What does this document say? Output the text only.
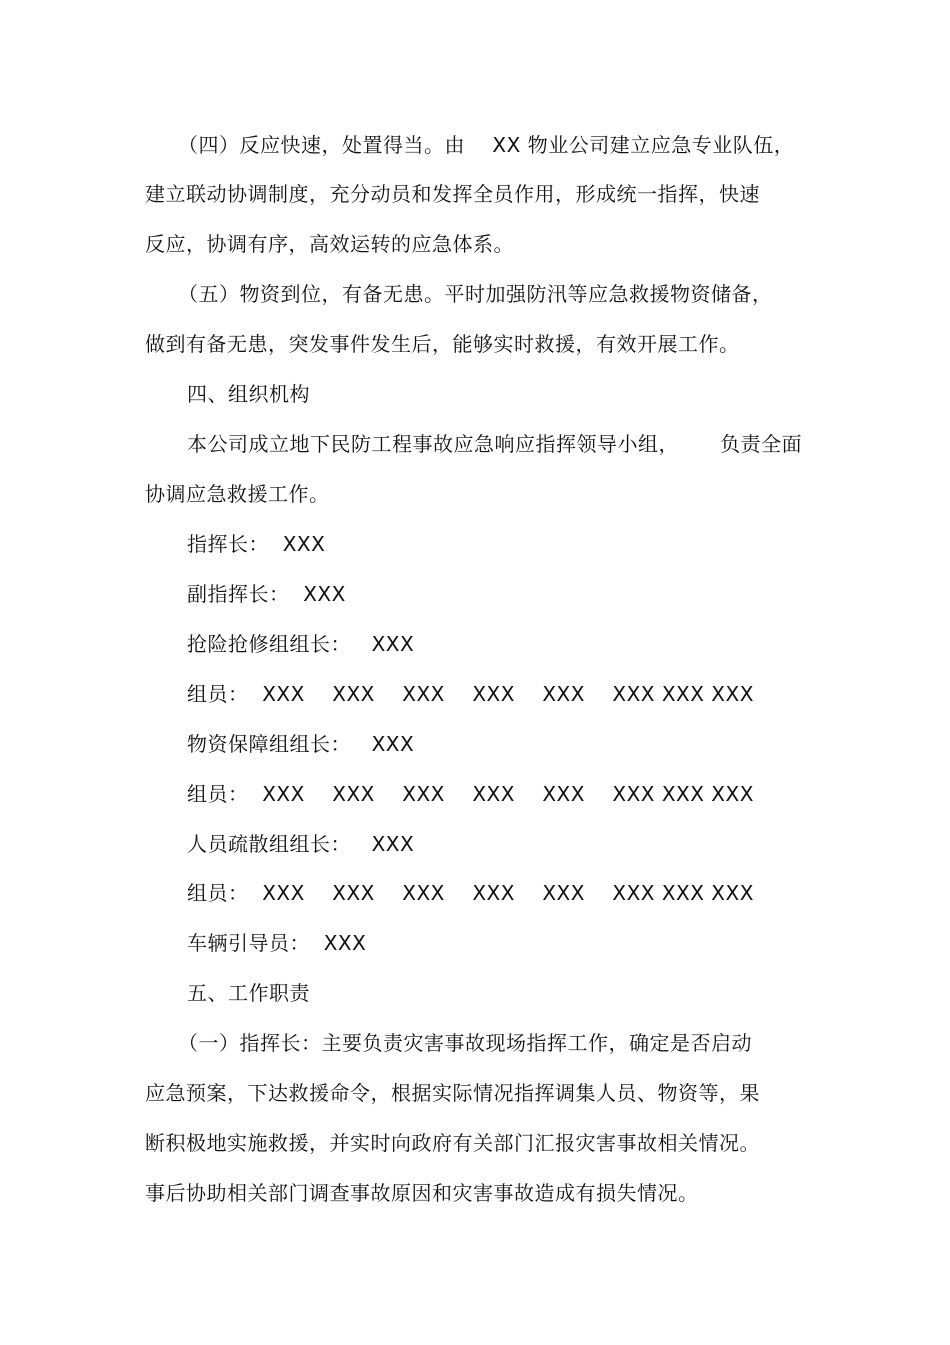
（四）反应快速，处置得当。由    XX 物业公司建立应急专业队伍，
建立联动协调制度，充分动员和发挥全员作用，形成统一指挥，快速
反应，协调有序，高效运转的应急体系。
（五）物资到位，有备无患。平时加强防汛等应急救援物资储备，
做到有备无患，突发事件发生后，能够实时救援，有效开展工作。
四、组织机构
本公司成立地下民防工程事故应急响应指挥领导小组，      负责全面
协调应急救援工作。
指挥长：  XXX
副指挥长：  XXX
抢险抢修组组长：   XXX
组员：  XXX    XXX    XXX    XXX    XXX    XXX XXX XXX
物资保障组组长：   XXX
组员：  XXX    XXX    XXX    XXX    XXX    XXX XXX XXX
人员疏散组组长：   XXX
组员：  XXX    XXX    XXX    XXX    XXX    XXX XXX XXX
车辆引导员：  XXX
五、工作职责
（一）指挥长：主要负责灾害事故现场指挥工作，确定是否启动
应急预案，下达救援命令，根据实际情况指挥调集人员、物资等，果
断积极地实施救援，并实时向政府有关部门汇报灾害事故相关情况。
事后协助相关部门调查事故原因和灾害事故造成有损失情况。
